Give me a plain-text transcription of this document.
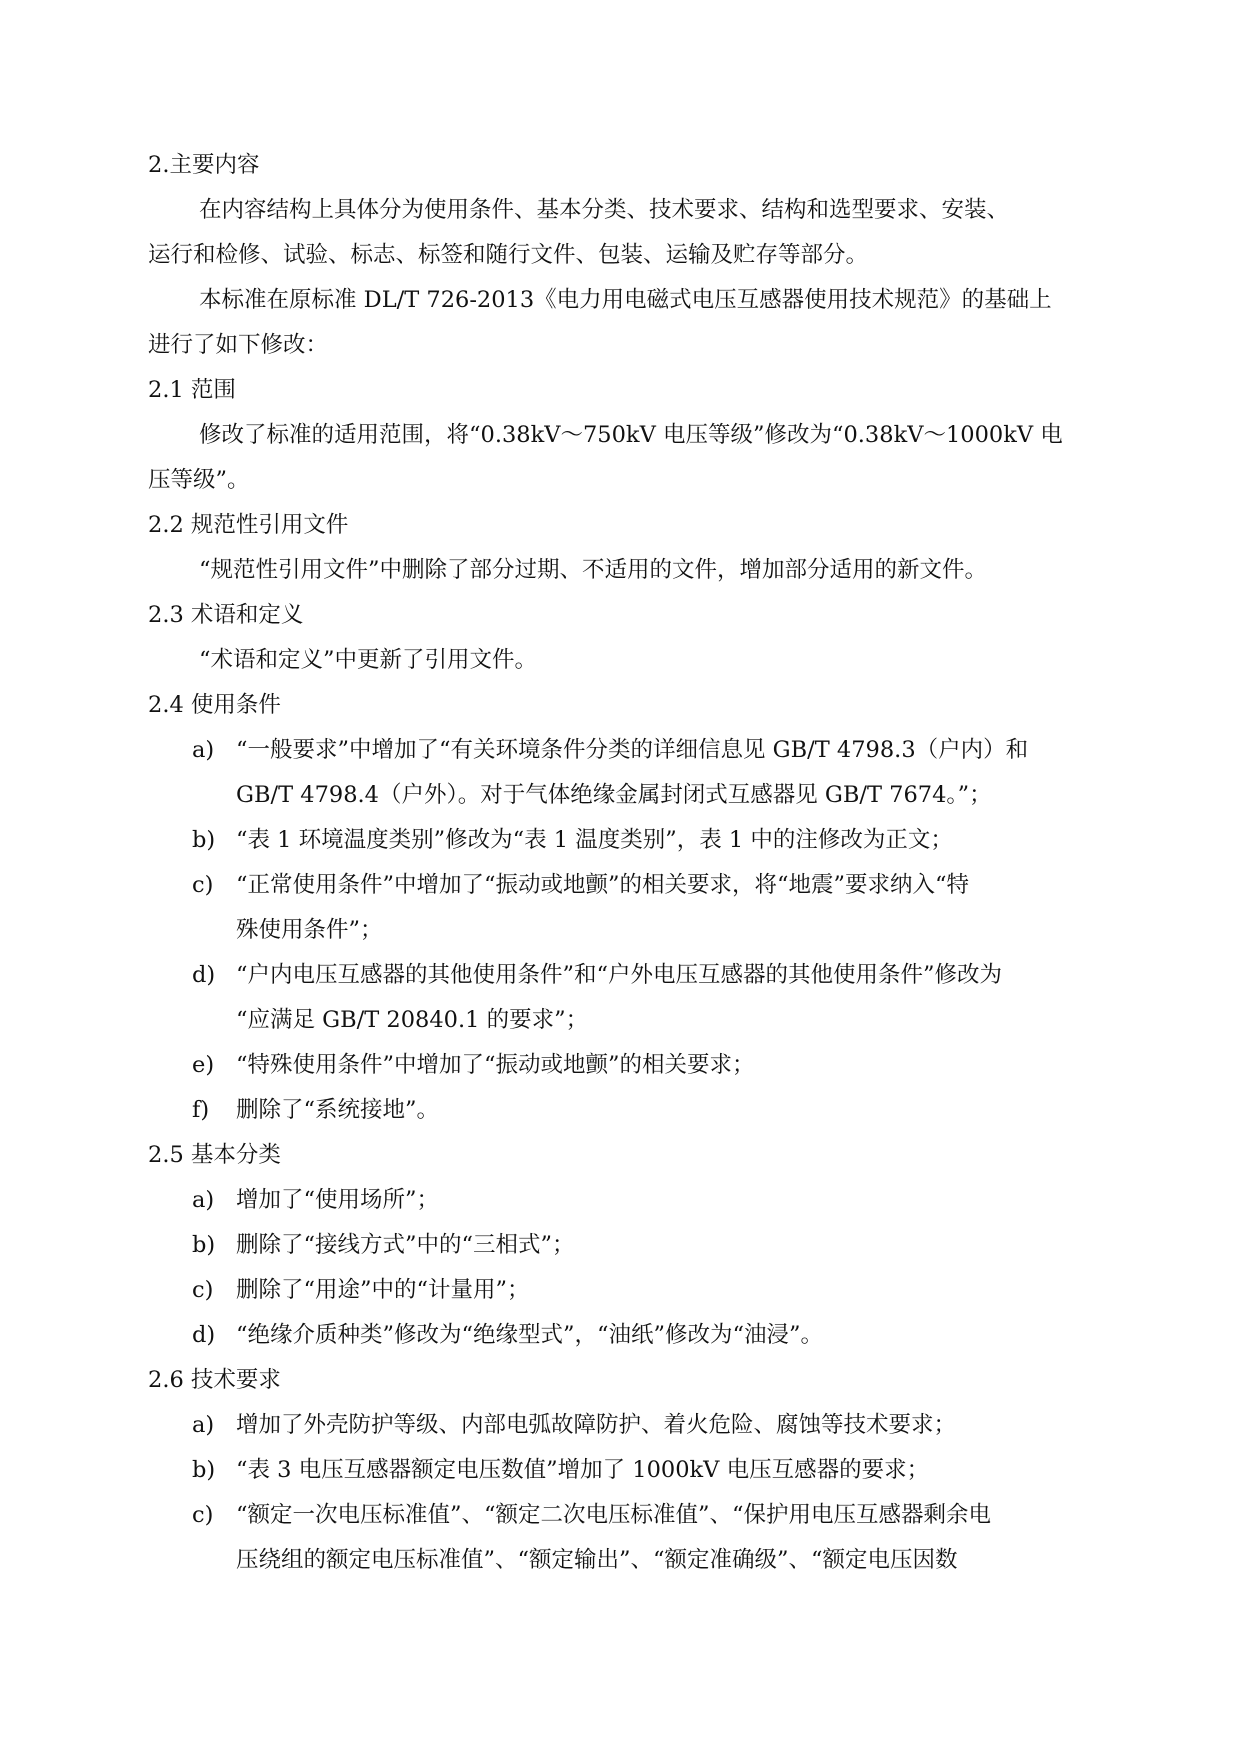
2.主要内容
在内容结构上具体分为使用条件、基本分类、技术要求、结构和选型要求、安装、
运行和检修、试验、标志、标签和随行文件、包装、运输及贮存等部分。
本标准在原标准 DL/T 726-2013《电力用电磁式电压互感器使用技术规范》的基础上
进行了如下修改：
2.1 范围
修改了标准的适用范围，将“0.38kV～750kV 电压等级”修改为“0.38kV～1000kV 电
压等级”。
2.2 规范性引用文件
“规范性引用文件”中删除了部分过期、不适用的文件，增加部分适用的新文件。
2.3 术语和定义
“术语和定义”中更新了引用文件。
2.4 使用条件
a) “一般要求”中增加了“有关环境条件分类的详细信息见 GB/T 4798.3（户内）和
GB/T 4798.4（户外）。对于气体绝缘金属封闭式互感器见 GB/T 7674。”；
b) “表 1 环境温度类别”修改为“表 1 温度类别”，表 1 中的注修改为正文；
c) “正常使用条件”中增加了“振动或地颤”的相关要求，将“地震”要求纳入“特
殊使用条件”；
d) “户内电压互感器的其他使用条件”和“户外电压互感器的其他使用条件”修改为
“应满足 GB/T 20840.1 的要求”；
e) “特殊使用条件”中增加了“振动或地颤”的相关要求；
f) 删除了“系统接地”。
2.5 基本分类
a) 增加了“使用场所”；
b) 删除了“接线方式”中的“三相式”；
c) 删除了“用途”中的“计量用”；
d) “绝缘介质种类”修改为“绝缘型式”，“油纸”修改为“油浸”。
2.6 技术要求
a) 增加了外壳防护等级、内部电弧故障防护、着火危险、腐蚀等技术要求；
b) “表 3 电压互感器额定电压数值”增加了 1000kV 电压互感器的要求；
c) “额定一次电压标准值”、“额定二次电压标准值”、“保护用电压互感器剩余电
压绕组的额定电压标准值”、“额定输出”、“额定准确级”、“额定电压因数
